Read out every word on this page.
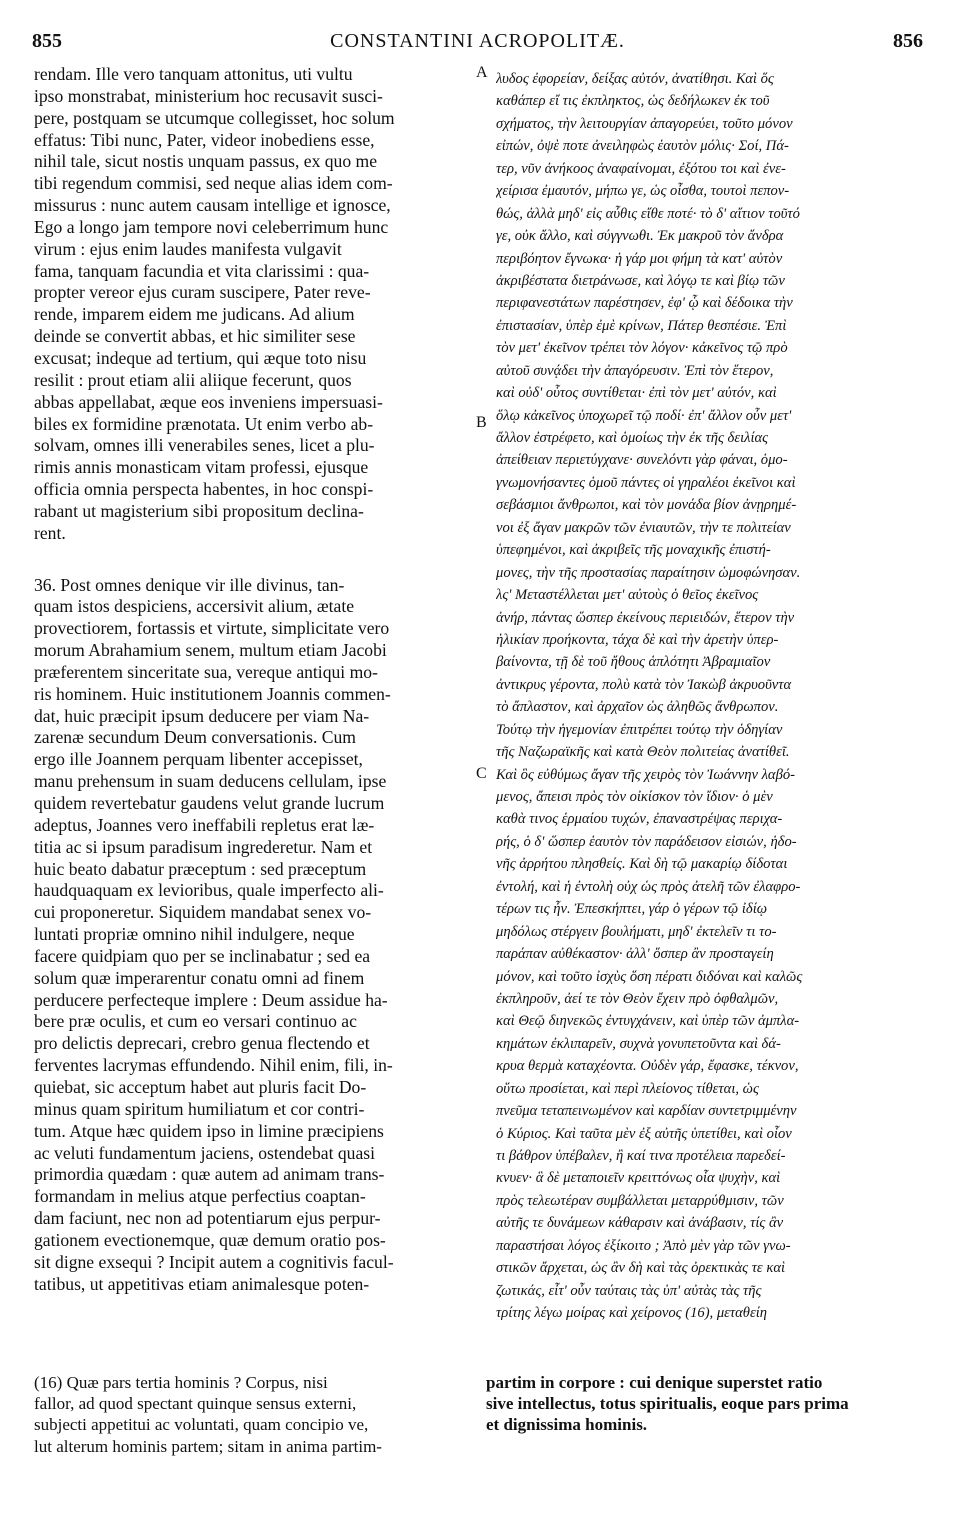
855	CONSTANTINI ACROPOLITÆ.	856
A
B
C
rendam. Ille vero tanquam attonitus, uti vultu
ipso monstrabat, ministerium hoc recusavit susci-
pere, postquam se utcumque collegisset, hoc solum
effatus: Tibi nunc, Pater, videor inobediens esse,
nihil tale, sicut nostis unquam passus, ex quo me
tibi regendum commisi, sed neque alias idem com-
missurus : nunc autem causam intellige et ignosce,
Ego a longo jam tempore novi celeberrimum hunc
virum : ejus enim laudes manifesta vulgavit
fama, tanquam facundia et vita clarissimi : qua-
propter vereor ejus curam suscipere, Pater reve-
rende, imparem eidem me judicans. Ad alium
deinde se convertit abbas, et hic similiter sese
excusat; indeque ad tertium, qui æque toto nisu
resilit : prout etiam alii aliique fecerunt, quos
abbas appellabat, æque eos inveniens impersuasi-
biles ex formidine prænotata. Ut enim verbo ab-
solvam, omnes illi venerabiles senes, licet a plu-
rimis annis monasticam vitam professi, ejusque
officia omnia perspecta habentes, in hoc conspi-
rabant ut magisterium sibi propositum declina-
rent.
36. Post omnes denique vir ille divinus, tan-
quam istos despiciens, accersivit alium, ætate
provectiorem, fortassis et virtute, simplicitate vero
morum Abrahamium senem, multum etiam Jacobi
præferentem sinceritate sua, vereque antiqui mo-
ris hominem. Huic institutionem Joannis commen-
dat, huic præcipit ipsum deducere per viam Na-
zarenæ secundum Deum conversationis. Cum
ergo ille Joannem perquam libenter accepisset,
manu prehensum in suam deducens cellulam, ipse
quidem revertebatur gaudens velut grande lucrum
adeptus, Joannes vero ineffabili repletus erat læ-
titia ac si ipsum paradisum ingrederetur. Nam et
huic beato dabatur præceptum : sed præceptum
haudquaquam ex levioribus, quale imperfecto ali-
cui proponeretur. Siquidem mandabat senex vo-
luntati propriæ omnino nihil indulgere, neque
facere quidpiam quo per se inclinabatur ; sed ea
solum quæ imperarentur conatu omni ad finem
perducere perfecteque implere : Deum assidue ha-
bere præ oculis, et cum eo versari continuo ac
pro delictis deprecari, crebro genua flectendo et
ferventes lacrymas effundendo. Nihil enim, fili, in-
quiebat, sic acceptum habet aut pluris facit Do-
minus quam spiritum humiliatum et cor contri-
tum. Atque hæc quidem ipso in limine præcipiens
ac veluti fundamentum jaciens, ostendebat quasi
primordia quædam : quæ autem ad animam trans-
formandam in melius atque perfectius coaptan-
dam faciunt, nec non ad potentiarum ejus perpur-
gationem evectionemque, quæ demum oratio pos-
sit digne exsequi ? Incipit autem a cognitivis facul-
tatibus, ut appetitivas etiam animalesque poten-
λυδος ἐφορείαν, δείξας αὐτόν, ἀνατίθησι. Καὶ ὅς
καθάπερ εἴ τις ἐκπληκτος, ὡς δεδήλωκεν ἐκ τοῦ
σχήματος, τὴν λειτουργίαν ἀπαγορεύει, τοῦτο μόνον
εἰπών, ὀψὲ ποτε ἀνειληφὼς ἑαυτὸν μόλις· Σοί, Πά-
τερ, νῦν ἀνήκοος ἀναφαίνομαι, ἐξότου τοι καὶ ἐνε-
χείρισα ἐμαυτόν, μήπω γε, ὡς οἶσθα, τουτοὶ πεπον-
θώς, ἀλλὰ μηδ' εἰς αὖθις εἴθε ποτέ· τὸ δ' αἴτιον τοῦτό
γε, οὐκ ἄλλο, καὶ σύγγνωθι. Ἐκ μακροῦ τὸν ἄνδρα
περιβόητον ἔγνωκα· ἡ γάρ μοι φήμη τὰ κατ' αὐτὸν
ἀκριβέστατα διετράνωσε, καὶ λόγῳ τε καὶ βίῳ τῶν
περιφανεστάτων παρέστησεν, ἐφ' ᾧ καὶ δέδοικα τὴν
ἐπιστασίαν, ὑπὲρ ἐμὲ κρίνων, Πάτερ θεσπέσιε. Ἐπὶ
τὸν μετ' ἐκεῖνον τρέπει τὸν λόγον· κἀκεῖνος τῷ πρὸ
αὐτοῦ συνᾴδει τὴν ἀπαγόρευσιν. Ἐπὶ τὸν ἕτερον,
καὶ οὐδ' οὗτος συντίθεται· ἐπὶ τὸν μετ' αὐτόν, καὶ
ὅλῳ κἀκεῖνος ὑποχωρεῖ τῷ ποδί· ἐπ' ἄλλον οὖν μετ'
ἄλλον ἐστρέφετο, καὶ ὁμοίως τὴν ἐκ τῆς δειλίας
ἀπείθειαν περιετύγχανε· συνελόντι γὰρ φάναι, ὁμο-
γνωμονήσαντες ὁμοῦ πάντες οἱ γηραλέοι ἐκεῖνοι καὶ
σεβάσμιοι ἄνθρωποι, καὶ τὸν μονάδα βίον ἀνῃρημέ-
νοι ἐξ ἄγαν μακρῶν τῶν ἐνιαυτῶν, τὴν τε πολιτείαν
ὑπεφημένοι, καὶ ἀκριβεῖς τῆς μοναχικῆς ἐπιστή-
μονες, τὴν τῆς προστασίας παραίτησιν ὡμοφώνησαν.
λς' Μεταστέλλεται μετ' αὐτοὺς ὁ θεῖος ἐκεῖνος
ἀνήρ, πάντας ὥσπερ ἐκείνους περιειδών, ἕτερον τὴν
ἡλικίαν προήκοντα, τάχα δὲ καὶ τὴν ἀρετὴν ὑπερ-
βαίνοντα, τῇ δὲ τοῦ ἤθους ἁπλότητι Ἀβραμιαῖον
ἀντικρυς γέροντα, πολὺ κατὰ τὸν Ἰακὼβ ἀκρυοῦντα
τὸ ἄπλαστον, καὶ ἀρχαῖον ὡς ἀληθῶς ἄνθρωπον.
Τούτῳ τὴν ἡγεμονίαν ἐπιτρέπει τούτῳ τὴν ὁδηγίαν
τῆς Ναζωραϊκῆς καὶ κατὰ Θεὸν πολιτείας ἀνατίθεῖ.
Καὶ ὃς εὐθύμως ἄγαν τῆς χειρὸς τὸν Ἰωάννην λαβό-
μενος, ἄπεισι πρὸς τὸν οἰκίσκον τὸν ἴδιον· ὁ μὲν
καθὰ τινος ἑρμαίου τυχών, ἐπαναστρέψας περιχα-
ρής, ὁ δ' ὥσπερ ἑαυτὸν τὸν παράδεισον εἰσιών, ἡδο-
νῆς ἀρρήτου πλησθείς. Καὶ δὴ τῷ μακαρίῳ δίδοται
ἐντολή, καὶ ἡ ἐντολὴ οὐχ ὡς πρὸς ἀτελῆ τῶν ἐλαφρο-
τέρων τις ἦν. Ἐπεσκήπτει, γάρ ὁ γέρων τῷ ἰδίῳ
μηδόλως στέργειν βουλήματι, μηδ' ἐκτελεῖν τι το-
παράπαν αὐθέκαστον· ἀλλ' ὅσπερ ἂν προσταγείη
μόνον, καὶ τοῦτο ἰσχὺς ὅση πέρατι διδόναι καὶ καλῶς
ἐκπληροῦν, ἀεί τε τὸν Θεὸν ἔχειν πρὸ ὀφθαλμῶν,
καὶ Θεῷ διηνεκῶς ἐντυγχάνειν, καὶ ὑπὲρ τῶν ἀμπλα-
κημάτων ἐκλιπαρεῖν, συχνὰ γονυπετοῦντα καὶ δά-
κρυα θερμὰ καταχέοντα. Οὐδὲν γάρ, ἔφασκε, τέκνον,
οὕτω προσίεται, καὶ περὶ πλείονος τίθεται, ὡς
πνεῦμα τεταπεινωμένον καὶ καρδίαν συντετριμμένην
ὁ Κύριος. Καὶ ταῦτα μὲν ἐξ αὐτῆς ὑπετίθει, καὶ οἷον
τι βάθρον ὑπέβαλεν, ἢ καί τινα προτέλεια παρεδεί-
κνυεν· ἃ δὲ μεταποιεῖν κρειττόνως οἷα ψυχὴν, καὶ
πρὸς τελεωτέραν συμβάλλεται μεταρρύθμισιν, τῶν
αὐτῆς τε δυνάμεων κάθαρσιν καὶ ἀνάβασιν, τίς ἂν
παραστήσαι λόγος ἐξίκοιτο ; Ἀπὸ μὲν γὰρ τῶν γνω-
στικῶν ἄρχεται, ὡς ἂν δὴ καὶ τὰς ὀρεκτικὰς τε καὶ
ζωτικάς, εἶτ' οὖν ταύταις τὰς ὑπ' αὐτὰς τὰς τῆς
τρίτης λέγω μοίρας καὶ χείρονος (16), μεταθείη
(16) Quæ pars tertia hominis ? Corpus, nisi
fallor, ad quod spectant quinque sensus externi,
subjecti appetitui ac voluntati, quam concipio ve,
lut alterum hominis partem; sitam in anima partim-
partim in corpore : cui denique superstet ratio
sive intellectus, totus spiritualis, eoque pars prima
et dignissima hominis.
